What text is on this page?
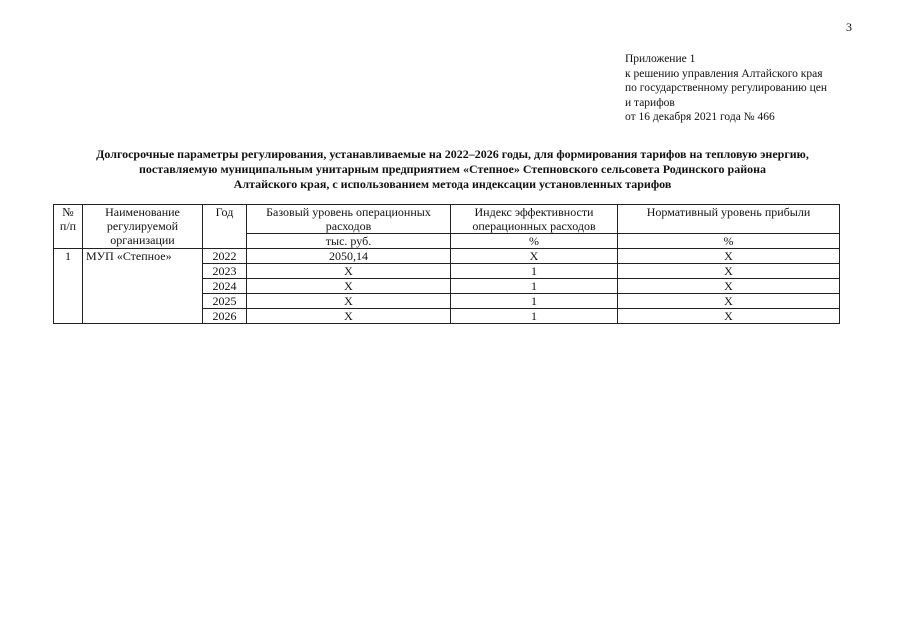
3
Приложение 1
к решению управления Алтайского края
по государственному регулированию цен
и тарифов
от 16 декабря 2021 года № 466
Долгосрочные параметры регулирования, устанавливаемые на 2022–2026 годы, для формирования тарифов на тепловую энергию,
поставляемую муниципальным унитарным предприятием «Степное» Степновского сельсовета Родинского района
Алтайского края, с использованием метода индексации установленных тарифов
№ п/п	Наименование регулируемой организации	Год	Базовый уровень операционных расходов	Индекс эффективности операционных расходов	Нормативный уровень прибыли
			тыс. руб.	%	%
1	МУП «Степное»	2022	2050,14	X	X
		2023	X	1	X
		2024	X	1	X
		2025	X	1	X
		2026	X	1	X
